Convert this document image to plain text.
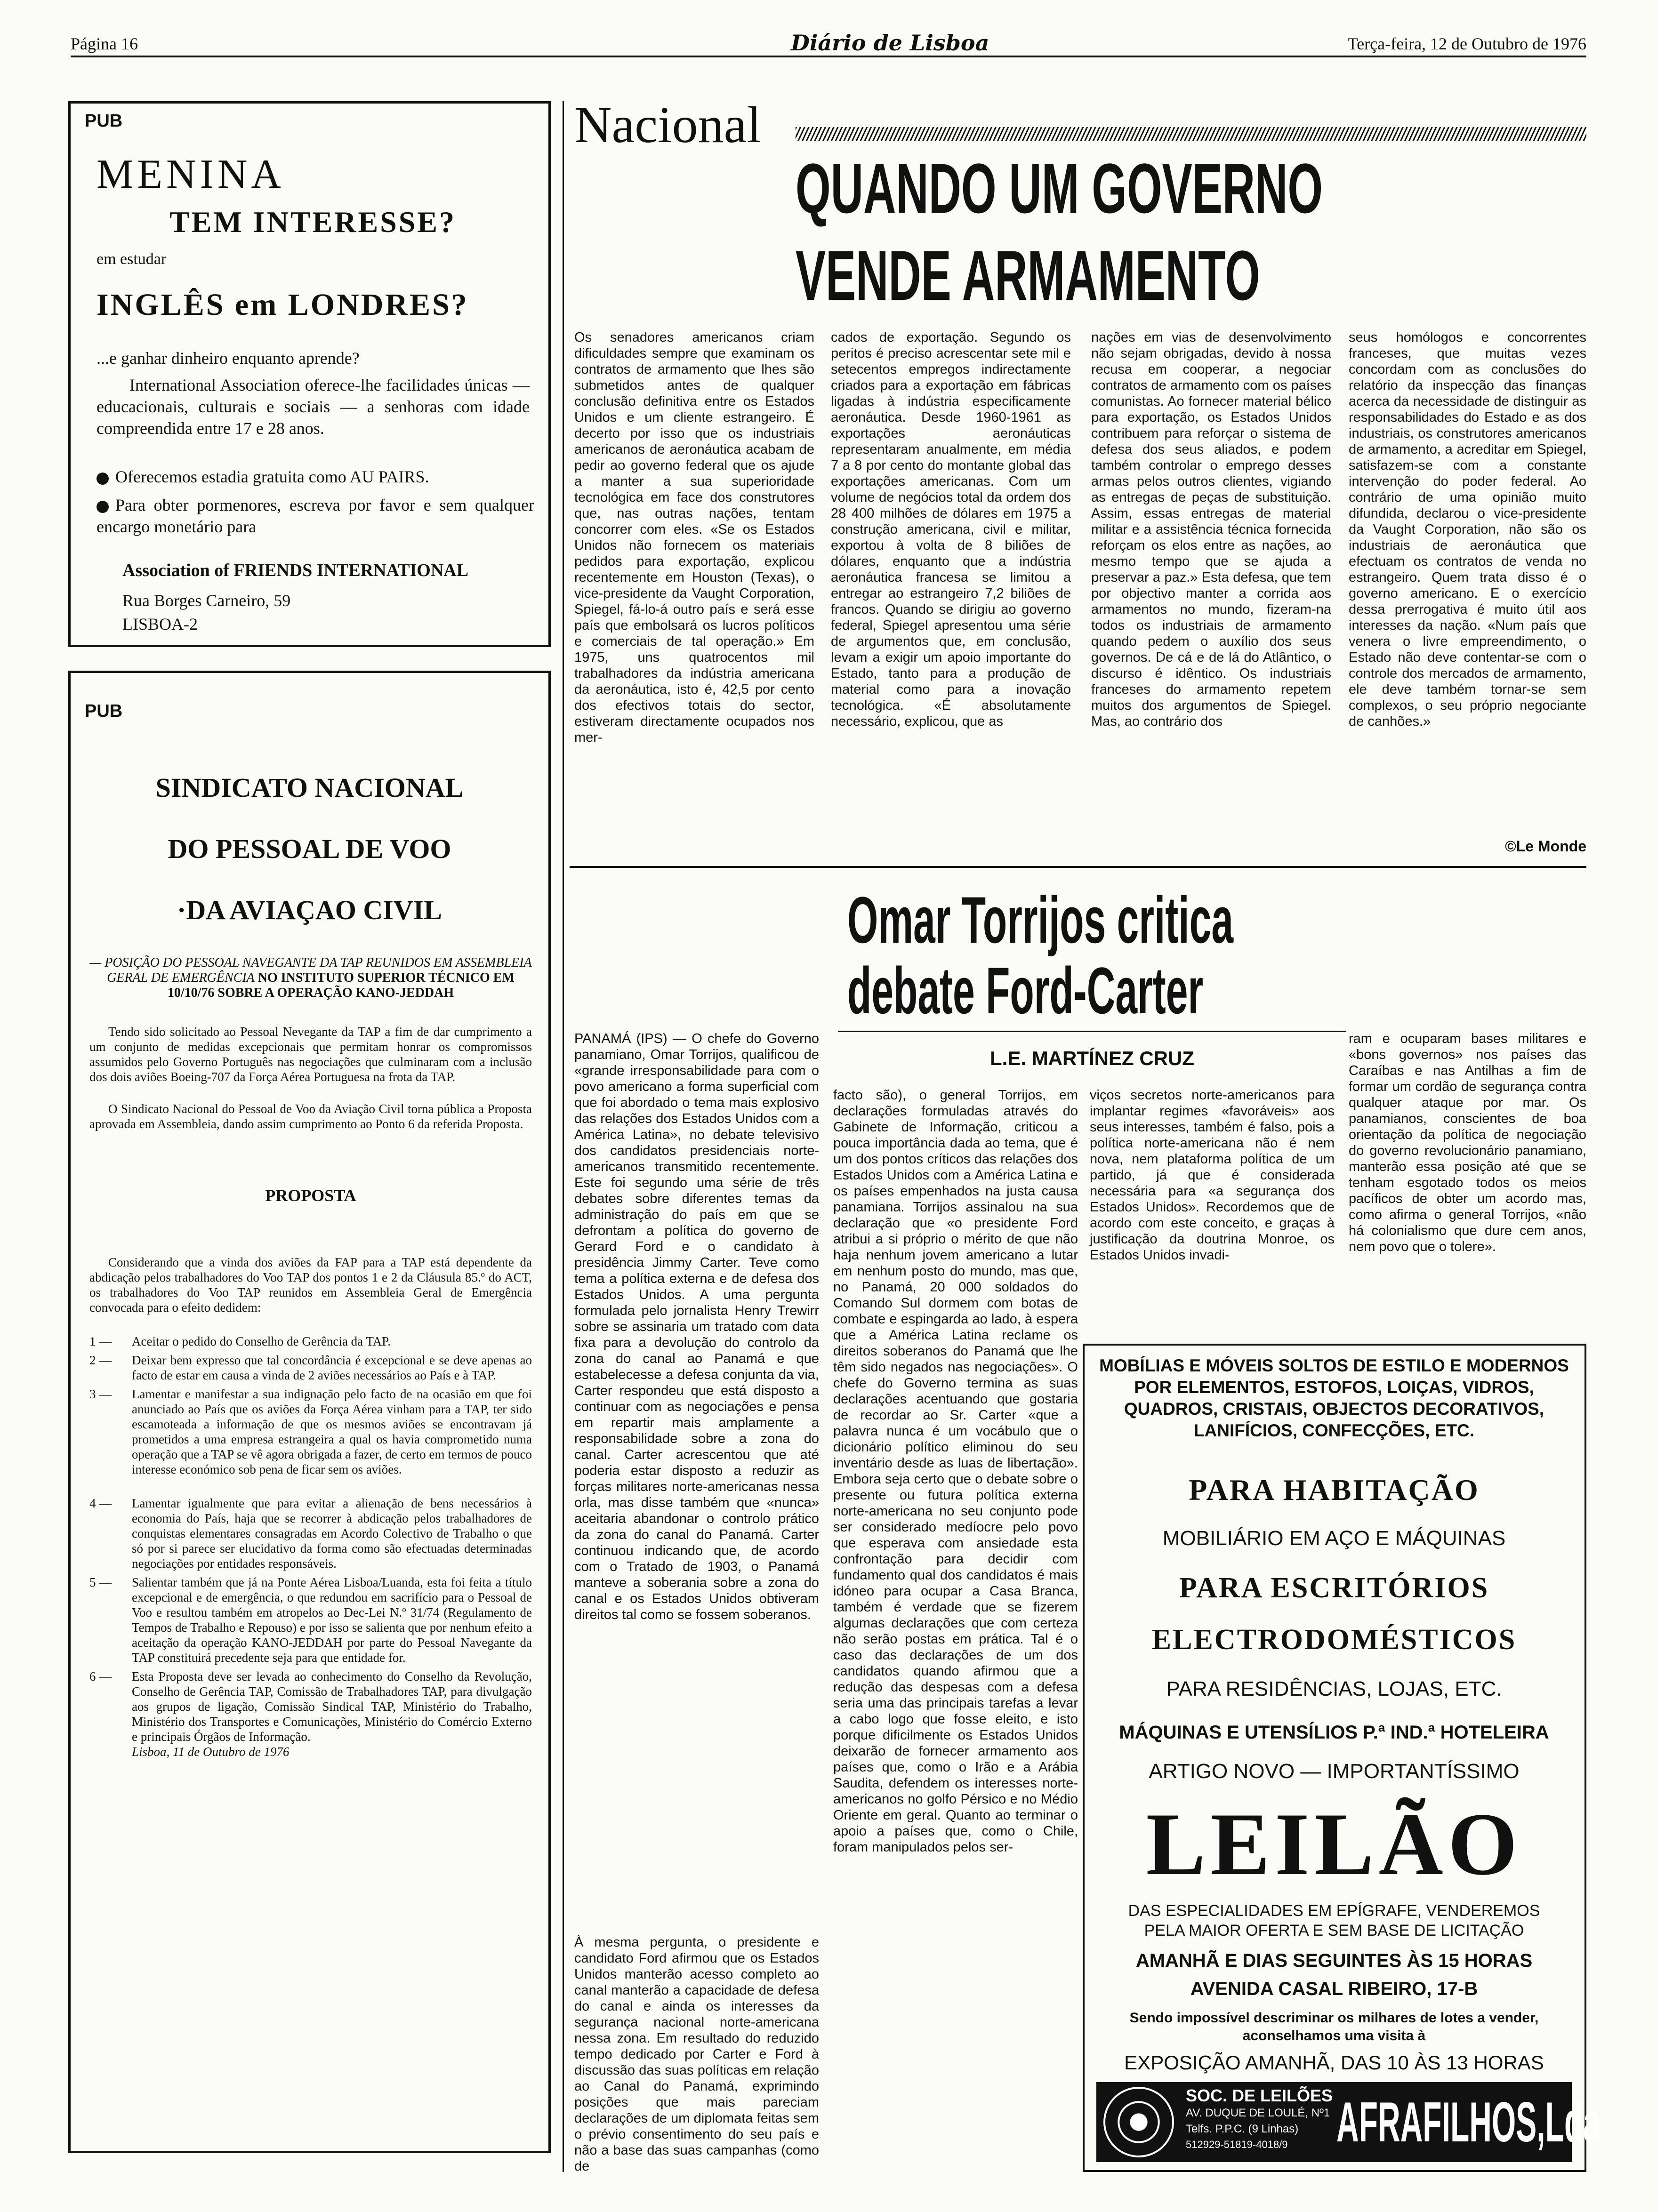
Página 16	Diário de Lisboa	Terça-feira, 12 de Outubro de 1976
PUB
MENINA
TEM INTERESSE?
em estudar
INGLÊS em LONDRES?
...e ganhar dinheiro enquanto aprende?
International Association oferece-lhe facilidades únicas — educacionais, culturais e sociais — a senhoras com idade compreendida entre 17 e 28 anos.
Oferecemos estadia gratuita como AU PAIRS.
Para obter pormenores, escreva por favor e sem qualquer encargo monetário para
Association of FRIENDS INTERNATIONAL
Rua Borges Carneiro, 59
LISBOA-2
PUB
SINDICATO NACIONAL
DO PESSOAL DE VOO
·DA AVIAÇAO CIVIL
— POSIÇÃO DO PESSOAL NAVEGANTE DA TAP REUNIDOS EM ASSEMBLEIA GERAL DE EMERGÊNCIA NO INSTITUTO SUPERIOR TÉCNICO EM 10/10/76 SOBRE A OPERAÇÃO KANO-JEDDAH

Tendo sido solicitado ao Pessoal Nevegante da TAP a fim de dar cumprimento a um conjunto de medidas excepcionais que permitam honrar os compromissos assumidos pelo Governo Português nas negociações que culminaram com a inclusão dos dois aviões Boeing-707 da Força Aérea Portuguesa na frota da TAP.

O Sindicato Nacional do Pessoal de Voo da Aviação Civil torna pública a Proposta aprovada em Assembleia, dando assim cumprimento ao Ponto 6 da referida Proposta.

PROPOSTA

Considerando que a vinda dos aviões da FAP para a TAP está dependente da abdicação pelos trabalhadores do Voo TAP dos pontos 1 e 2 da Cláusula 85.º do ACT, os trabalhadores do Voo TAP reunidos em Assembleia Geral de Emergência convocada para o efeito dedidem:

1 — Aceitar o pedido do Conselho de Gerência da TAP.
2 — Deixar bem expresso que tal concordância é excepcional e se deve apenas ao facto de estar em causa a vinda de 2 aviões necessários ao País e à TAP.
3 — Lamentar e manifestar a sua indignação pelo facto de na ocasião em que foi anunciado ao País que os aviões da Força Aérea vinham para a TAP, ter sido escamoteada a informação de que os mesmos aviões se encontravam já prometidos a uma empresa estrangeira a qual os havia comprometido numa operação que a TAP se vê agora obrigada a fazer, de certo em termos de pouco interesse económico sob pena de ficar sem os aviões.
4 — Lamentar igualmente que para evitar a alienação de bens necessários à economia do País, haja que se recorrer à abdicação pelos trabalhadores de conquistas elementares consagradas em Acordo Colectivo de Trabalho o que só por si parece ser elucidativo da forma como são efectuadas determinadas negociações por entidades responsáveis.
5 — Salientar também que já na Ponte Aérea Lisboa/Luanda, esta foi feita a título excepcional e de emergência, o que redundou em sacrifício para o Pessoal de Voo e resultou também em atropelos ao Dec-Lei N.º 31/74 (Regulamento de Tempos de Trabalho e Repouso) e por isso se salienta que por nenhum efeito a aceitação da operação KANO-JEDDAH por parte do Pessoal Navegante da TAP constituirá precedente seja para que entidade for.
6 — Esta Proposta deve ser levada ao conhecimento do Conselho da Revolução, Conselho de Gerência TAP, Comissão de Trabalhadores TAP, para divulgação aos grupos de ligação, Comissão Sindical TAP, Ministério do Trabalho, Ministério dos Transportes e Comunicações, Ministério do Comércio Externo e principais Órgãos de Informação.
Lisboa, 11 de Outubro de 1976
Nacional
QUANDO UM GOVERNO
VENDE ARMAMENTO
Os senadores americanos criam dificuldades sempre que examinam os contratos de armamento que lhes são submetidos antes de qualquer conclusão definitiva entre os Estados Unidos e um cliente estrangeiro. É decerto por isso que os industriais americanos de aeronáutica acabam de pedir ao governo federal que os ajude a manter a sua superioridade tecnológica em face dos construtores que, nas outras nações, tentam concorrer com eles. «Se os Estados Unidos não fornecem os materiais pedidos para exportação, explicou recentemente em Houston (Texas), o vice-presidente da Vaught Corporation, Spiegel, fá-lo-á outro país e será esse país que embolsará os lucros políticos e comerciais de tal operação.» Em 1975, uns quatrocentos mil trabalhadores da indústria americana da aeronáutica, isto é, 42,5 por cento dos efectivos totais do sector, estiveram directamente ocupados nos mer-
cados de exportação. Segundo os peritos é preciso acrescentar sete mil e setecentos empregos indirectamente criados para a exportação em fábricas ligadas à indústria especificamente aeronáutica. Desde 1960-1961 as exportações aeronáuticas representaram anualmente, em média 7 a 8 por cento do montante global das exportações americanas. Com um volume de negócios total da ordem dos 28 400 milhões de dólares em 1975 a construção americana, civil e militar, exportou à volta de 8 biliões de dólares, enquanto que a indústria aeronáutica francesa se limitou a entregar ao estrangeiro 7,2 biliões de francos. Quando se dirigiu ao governo federal, Spiegel apresentou uma série de argumentos que, em conclusão, levam a exigir um apoio importante do Estado, tanto para a produção de material como para a inovação tecnológica. «É absolutamente necessário, explicou, que as
nações em vias de desenvolvimento não sejam obrigadas, devido à nossa recusa em cooperar, a negociar contratos de armamento com os países comunistas. Ao fornecer material bélico para exportação, os Estados Unidos contribuem para reforçar o sistema de defesa dos seus aliados, e podem também controlar o emprego desses armas pelos outros clientes, vigiando as entregas de peças de substituição. Assim, essas entregas de material militar e a assistência técnica fornecida reforçam os elos entre as nações, ao mesmo tempo que se ajuda a preservar a paz.» Esta defesa, que tem por objectivo manter a corrida aos armamentos no mundo, fizeram-na todos os industriais de armamento quando pedem o auxílio dos seus governos. De cá e de lá do Atlântico, o discurso é idêntico. Os industriais franceses do armamento repetem muitos dos argumentos de Spiegel. Mas, ao contrário dos
seus homólogos e concorrentes franceses, que muitas vezes concordam com as conclusões do relatório da inspecção das finanças acerca da necessidade de distinguir as responsabilidades do Estado e as dos industriais, os construtores americanos de armamento, a acreditar em Spiegel, satisfazem-se com a constante intervenção do poder federal. Ao contrário de uma opinião muito difundida, declarou o vice-presidente da Vaught Corporation, não são os industriais de aeronáutica que efectuam os contratos de venda no estrangeiro. Quem trata disso é o governo americano. E o exercício dessa prerrogativa é muito útil aos interesses da nação. «Num país que venera o livre empreendimento, o Estado não deve contentar-se com o controle dos mercados de armamento, ele deve também tornar-se sem complexos, o seu próprio negociante de canhões.»
©Le Monde
Omar Torrijos critica
debate Ford-Carter
L.E. MARTÍNEZ CRUZ
PANAMÁ (IPS) — O chefe do Governo panamiano, Omar Torrijos, qualificou de «grande irresponsabilidade para com o povo americano a forma superficial com que foi abordado o tema mais explosivo das relações dos Estados Unidos com a América Latina», no debate televisivo dos candidatos presidenciais norte-americanos transmitido recentemente. Este foi segundo uma série de três debates sobre diferentes temas da administração do país em que se defrontam a política do governo de Gerard Ford e o candidato à presidência Jimmy Carter. Teve como tema a política externa e de defesa dos Estados Unidos. A uma pergunta formulada pelo jornalista Henry Trewirr sobre se assinaria um tratado com data fixa para a devolução do controlo da zona do canal ao Panamá e que estabelecesse a defesa conjunta da via, Carter respondeu que está disposto a continuar com as negociações e pensa em repartir mais amplamente a responsabilidade sobre a zona do canal. Carter acrescentou que até poderia estar disposto a reduzir as forças militares norte-americanas nessa orla, mas disse também que «nunca» aceitaria abandonar o controlo prático da zona do canal do Panamá. Carter continuou indicando que, de acordo com o Tratado de 1903, o Panamá manteve a soberania sobre a zona do canal e os Estados Unidos obtiveram direitos tal como se fossem soberanos.
À mesma pergunta, o presidente e candidato Ford afirmou que os Estados Unidos manterão acesso completo ao canal manterão a capacidade de defesa do canal e ainda os interesses da segurança nacional norte-americana nessa zona. Em resultado do reduzido tempo dedicado por Carter e Ford à discussão das suas políticas em relação ao Canal do Panamá, exprimindo posições que mais pareciam declarações de um diplomata feitas sem o prévio consentimento do seu país e não a base das suas campanhas (como de
facto são), o general Torrijos, em declarações formuladas através do Gabinete de Informação, criticou a pouca importância dada ao tema, que é um dos pontos críticos das relações dos Estados Unidos com a América Latina e os países empenhados na justa causa panamiana. Torrijos assinalou na sua declaração que «o presidente Ford atribui a si próprio o mérito de que não haja nenhum jovem americano a lutar em nenhum posto do mundo, mas que, no Panamá, 20 000 soldados do Comando Sul dormem com botas de combate e espingarda ao lado, à espera que a América Latina reclame os direitos soberanos do Panamá que lhe têm sido negados nas negociações». O chefe do Governo termina as suas declarações acentuando que gostaria de recordar ao Sr. Carter «que a palavra nunca é um vocábulo que o dicionário político eliminou do seu inventário desde as luas de libertação». Embora seja certo que o debate sobre o presente ou futura política externa norte-americana no seu conjunto pode ser considerado medíocre pelo povo que esperava com ansiedade esta confrontação para decidir com fundamento qual dos candidatos é mais idóneo para ocupar a Casa Branca, também é verdade que se fizerem algumas declarações que com certeza não serão postas em prática. Tal é o caso das declarações de um dos candidatos quando afirmou que a redução das despesas com a defesa seria uma das principais tarefas a levar a cabo logo que fosse eleito, e isto porque dificilmente os Estados Unidos deixarão de fornecer armamento aos países que, como o Irão e a Arábia Saudita, defendem os interesses norte-americanos no golfo Pérsico e no Médio Oriente em geral. Quanto ao terminar o apoio a países que, como o Chile, foram manipulados pelos ser-
viços secretos norte-americanos para implantar regimes «favoráveis» aos seus interesses, também é falso, pois a política norte-americana não é nem nova, nem plataforma política de um partido, já que é considerada necessária para «a segurança dos Estados Unidos». Recordemos que de acordo com este conceito, e graças à justificação da doutrina Monroe, os Estados Unidos invadi-
ram e ocuparam bases militares e «bons governos» nos países das Caraíbas e nas Antilhas a fim de formar um cordão de segurança contra qualquer ataque por mar. Os panamianos, conscientes de boa orientação da política de negociação do governo revolucionário panamiano, manterão essa posição até que se tenham esgotado todos os meios pacíficos de obter um acordo mas, como afirma o general Torrijos, «não há colonialismo que dure cem anos, nem povo que o tolere».
MOBÍLIAS E MÓVEIS SOLTOS DE ESTILO E MODERNOS POR ELEMENTOS, ESTOFOS, LOIÇAS, VIDROS, QUADROS, CRISTAIS, OBJECTOS DECORATIVOS, LANIFÍCIOS, CONFECÇÕES, ETC.
PARA HABITAÇÃO
MOBILIÁRIO EM AÇO E MÁQUINAS
PARA ESCRITÓRIOS
ELECTRODOMÉSTICOS
PARA RESIDÊNCIAS, LOJAS, ETC.
MÁQUINAS E UTENSÍLIOS P.ª IND.ª HOTELEIRA
ARTIGO NOVO — IMPORTANTÍSSIMO
LEILÃO
DAS ESPECIALIDADES EM EPÍGRAFE, VENDEREMOS PELA MAIOR OFERTA E SEM BASE DE LICITAÇÃO
AMANHÃ E DIAS SEGUINTES ÀS 15 HORAS
AVENIDA CASAL RIBEIRO, 17-B
Sendo impossível descriminar os milhares de lotes a vender, aconselhamos uma visita à
EXPOSIÇÃO AMANHÃ, DAS 10 ÀS 13 HORAS
SOC. DE LEILÕES
AV. DUQUE DE LOULÉ, Nº1
Telfs. P.P.C. (9 Linhas)
512929-51819-4018/9 AFRAFILHOS,Lda
